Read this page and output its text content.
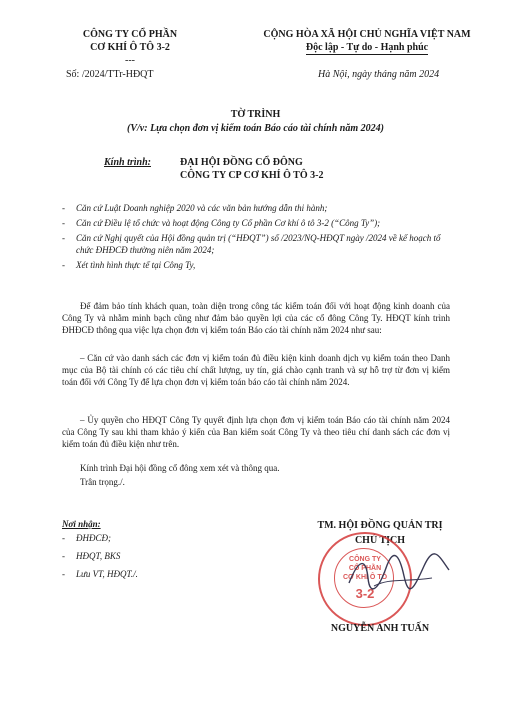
CÔNG TY CỔ PHẦN
CƠ KHÍ Ô TÔ 3-2
---
Số: /2024/TTr-HĐQT
CỘNG HÒA XÃ HỘI CHỦ NGHĨA VIỆT NAM
Độc lập - Tự do - Hạnh phúc
Hà Nội, ngày tháng năm 2024
TỜ TRÌNH
(V/v: Lựa chọn đơn vị kiểm toán Báo cáo tài chính năm 2024)
Kính trình:	ĐẠI HỘI ĐỒNG CỔ ĐÔNG
CÔNG TY CP CƠ KHÍ Ô TÔ 3-2
- Căn cứ Luật Doanh nghiệp 2020 và các văn bản hướng dẫn thi hành;
- Căn cứ Điều lệ tổ chức và hoạt động Công ty Cổ phần Cơ khí ô tô 3-2 (“Công Ty”);
- Căn cứ Nghị quyết của Hội đồng quản trị (“HĐQT”) số /2023/NQ-HĐQT ngày /2024 về kế hoạch tổ chức ĐHĐCĐ thường niên năm 2024;
- Xét tình hình thực tế tại Công Ty,
Để đảm bảo tính khách quan, toàn diện trong công tác kiểm toán đối với hoạt động kinh doanh của Công Ty và nhằm minh bạch cũng như đảm bảo quyền lợi của các cổ đông Công Ty. HĐQT kính trình ĐHĐCĐ thông qua việc lựa chọn đơn vị kiểm toán Báo cáo tài chính năm 2024 như sau:
– Căn cứ vào danh sách các đơn vị kiểm toán đủ điều kiện kinh doanh dịch vụ kiểm toán theo Danh mục của Bộ tài chính có các tiêu chí chất lượng, uy tín, giá chào cạnh tranh và sự hỗ trợ từ đơn vị kiểm toán đối với Công Ty để lựa chọn đơn vị kiểm toán báo cáo tài chính năm 2024.
– Ủy quyền cho HĐQT Công Ty quyết định lựa chọn đơn vị kiểm toán Báo cáo tài chính năm 2024 của Công Ty sau khi tham khảo ý kiến của Ban kiểm soát Công Ty và theo tiêu chí danh sách các đơn vị kiểm toán đủ điều kiện như trên.
Kính trình Đại hội đồng cổ đông xem xét và thông qua.
Trân trọng./.
Nơi nhận:
- ĐHĐCĐ;
- HĐQT, BKS
- Lưu VT, HĐQT./.
TM. HỘI ĐỒNG QUẢN TRỊ
CHỦ TỊCH
CÔNG TY
CỔ PHẦN
CƠ KHÍ Ô TÔ
3-2
NGUYỄN ANH TUẤN
